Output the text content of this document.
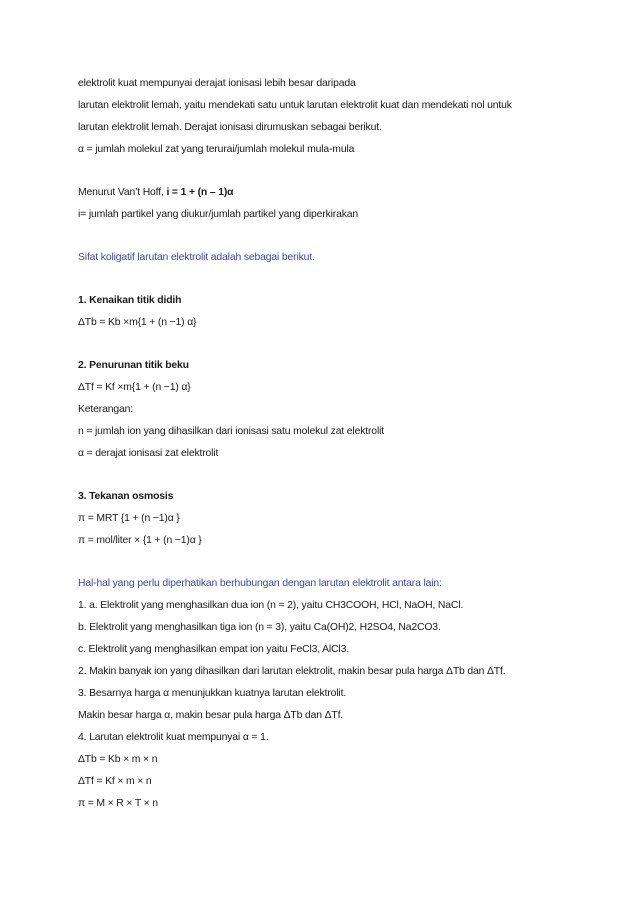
elektrolit kuat mempunyai derajat ionisasi lebih besar daripada
larutan elektrolit lemah, yaitu mendekati satu untuk larutan elektrolit kuat dan mendekati nol untuk
larutan elektrolit lemah. Derajat ionisasi dirumuskan sebagai berikut.
α = jumlah molekul zat yang terurai/jumlah molekul mula-mula
Menurut Van’t Hoff, i = 1 + (n – 1)α
i= jumlah partikel yang diukur/jumlah partikel yang diperkirakan
Sifat koligatif larutan elektrolit adalah sebagai berikut.
1. Kenaikan titik didih
ΔTb = Kb ×m{1 + (n −1) α}
2. Penurunan titik beku
ΔTf = Kf ×m{1 + (n −1) α}
Keterangan:
n = jumlah ion yang dihasilkan dari ionisasi satu molekul zat elektrolit
α = derajat ionisasi zat elektrolit
3. Tekanan osmosis
π = MRT {1 + (n −1)α }
π = mol/liter × {1 + (n −1)α }
Hal-hal yang perlu diperhatikan berhubungan dengan larutan elektrolit antara lain:
1. a. Elektrolit yang menghasilkan dua ion (n = 2), yaitu CH3COOH, HCl, NaOH, NaCl.
b. Elektrolit yang menghasilkan tiga ion (n = 3), yaitu Ca(OH)2, H2SO4, Na2CO3.
c. Elektrolit yang menghasilkan empat ion yaitu FeCl3, AlCl3.
2. Makin banyak ion yang dihasilkan dari larutan elektrolit, makin besar pula harga ΔTb dan ΔTf.
3. Besarnya harga α menunjukkan kuatnya larutan elektrolit.
Makin besar harga α, makin besar pula harga ΔTb dan ΔTf.
4. Larutan elektrolit kuat mempunyai α = 1.
ΔTb = Kb × m × n
ΔTf = Kf × m × n
π = M × R × T × n
